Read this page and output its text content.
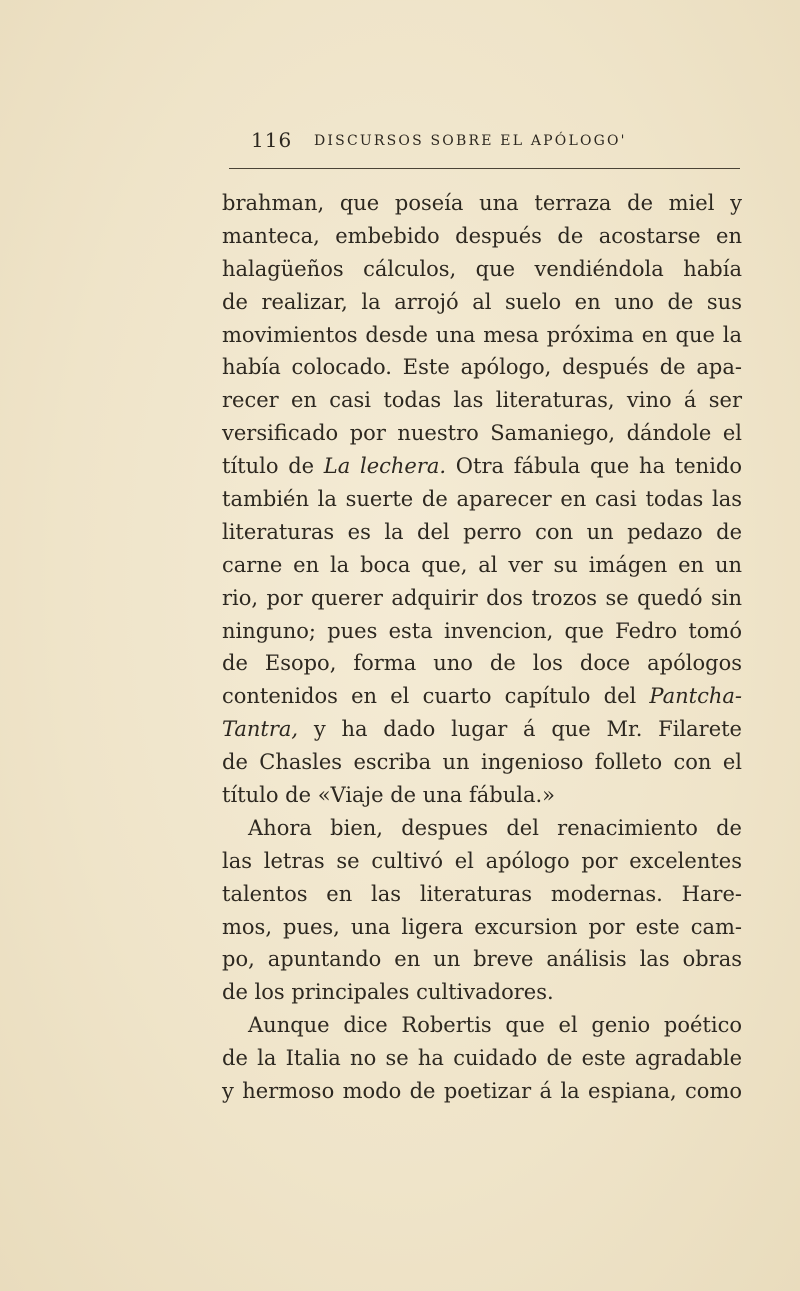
116 DISCURSOS SOBRE EL APÓLOGO'
brahman, que poseía una terraza de miel y
manteca, embebido después de acostarse en
halagüeños cálculos, que vendiéndola había
de realizar, la arrojó al suelo en uno de sus
movimientos desde una mesa próxima en que la
había colocado. Este apólogo, después de apa-
recer en casi todas las literaturas, vino á ser
versificado por nuestro Samaniego, dándole el
título de La lechera. Otra fábula que ha tenido
también la suerte de aparecer en casi todas las
literaturas es la del perro con un pedazo de
carne en la boca que, al ver su imágen en un
rio, por querer adquirir dos trozos se quedó sin
ninguno; pues esta invencion, que Fedro tomó
de Esopo, forma uno de los doce apólogos
contenidos en el cuarto capítulo del Pantcha-
Tantra, y ha dado lugar á que Mr. Filarete
de Chasles escriba un ingenioso folleto con el
título de «Viaje de una fábula.»
Ahora bien, despues del renacimiento de
las letras se cultivó el apólogo por excelentes
talentos en las literaturas modernas. Hare-
mos, pues, una ligera excursion por este cam-
po, apuntando en un breve análisis las obras
de los principales cultivadores.
Aunque dice Robertis que el genio poético
de la Italia no se ha cuidado de este agradable
y hermoso modo de poetizar á la espiana, como
